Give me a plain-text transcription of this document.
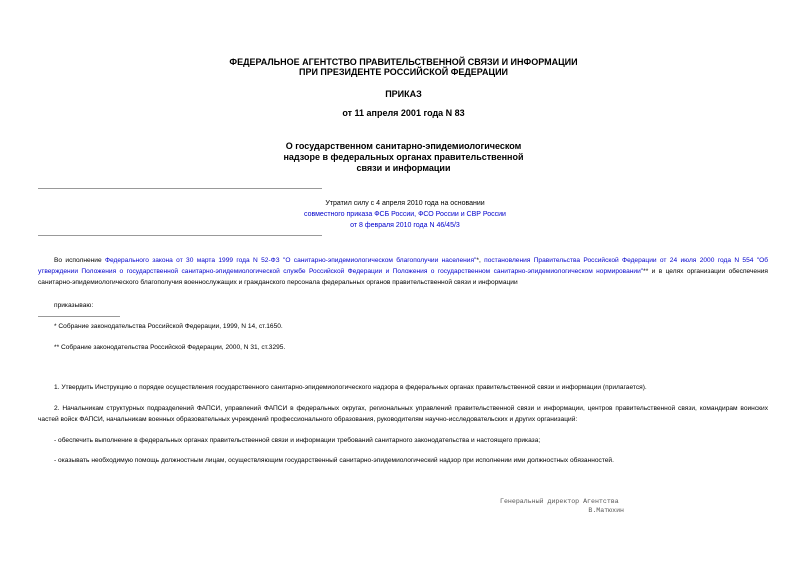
ФЕДЕРАЛЬНОЕ АГЕНТСТВО ПРАВИТЕЛЬСТВЕННОЙ СВЯЗИ И ИНФОРМАЦИИ
ПРИ ПРЕЗИДЕНТЕ РОССИЙСКОЙ ФЕДЕРАЦИИ
ПРИКАЗ
от 11 апреля 2001 года N 83
О государственном санитарно-эпидемиологическом
надзоре в федеральных органах правительственной
связи и информации
Утратил силу с 4 апреля 2010 года на основании
совместного приказа ФСБ России, ФСО России и СВР России
от 8 февраля 2010 года N 46/45/3
Во исполнение Федерального закона от 30 марта 1999 года N 52-ФЗ "О санитарно-эпидемиологическом благополучии населения"*, постановления Правительства Российской Федерации от 24 июля 2000 года N 554 "Об утверждении Положения о государственной санитарно-эпидемиологической службе Российской Федерации и Положения о государственном санитарно-эпидемиологическом нормировании"** и в целях организации обеспечения санитарно-эпидемиологического благополучия военнослужащих и гражданского персонала федеральных органов правительственной связи и информации
приказываю:
* Собрание законодательства Российской Федерации, 1999, N 14, ст.1650.
** Собрание законодательства Российской Федерации, 2000, N 31, ст.3295.
1. Утвердить Инструкцию о порядке осуществления государственного санитарно-эпидемиологического надзора в федеральных органах правительственной связи и информации (прилагается).
2. Начальникам структурных подразделений ФАПСИ, управлений ФАПСИ в федеральных округах, региональных управлений правительственной связи и информации, центров правительственной связи, командирам воинских частей войск ФАПСИ, начальникам военных образовательных учреждений профессионального образования, руководителям научно-исследовательских и других организаций:
- обеспечить выполнение в федеральных органах правительственной связи и информации требований санитарного законодательства и настоящего приказа;
- оказывать необходимую помощь должностным лицам, осуществляющим государственный санитарно-эпидемиологический надзор при исполнении ими должностных обязанностей.
Генеральный директор Агентства
В.Матюхин
